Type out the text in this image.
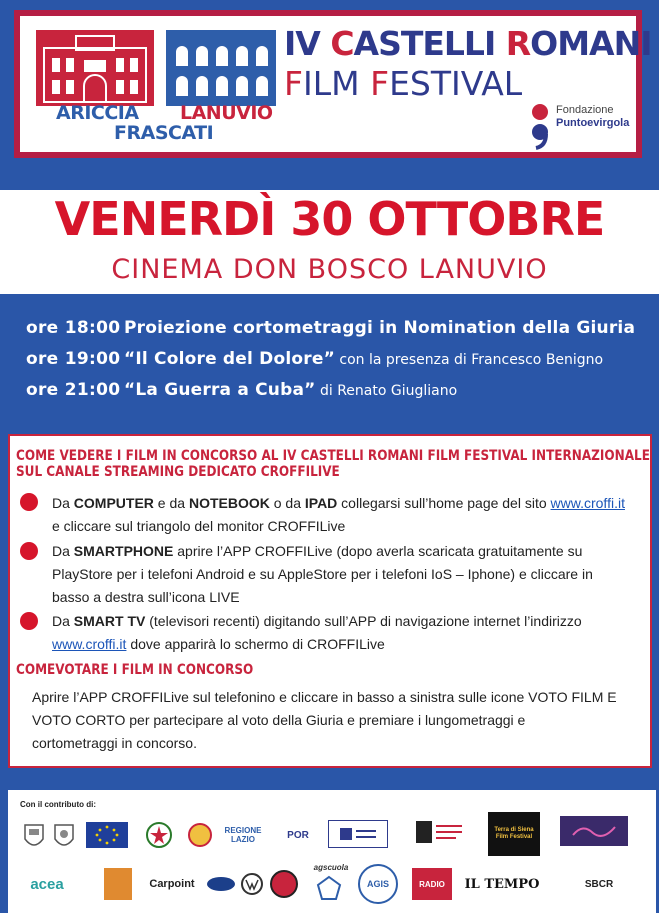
ARICCIA LANUVIO
FRASCATI
IV CASTELLI ROMANI
FILM FESTIVAL
Fondazione
Puntoevirgola
VENERDÌ 30 OTTOBRE
CINEMA DON BOSCO LANUVIO
ore 18:00 Proiezione cortometraggi in Nomination della Giuria
ore 19:00 “Il Colore del Dolore” con la presenza di Francesco Benigno
ore 21:00 “La Guerra a Cuba” di Renato Giugliano
COME VEDERE I FILM IN CONCORSO AL IV CASTELLI ROMANI FILM FESTIVAL INTERNAZIONALE
SUL CANALE STREAMING DEDICATO CROFFILIVE
Da COMPUTER e da NOTEBOOK o da IPAD collegarsi sull’home page del sito www.croffi.it
e cliccare sul triangolo del monitor CROFFILive
Da SMARTPHONE aprire l’APP CROFFILive (dopo averla scaricata gratuitamente su
PlayStore per i telefoni Android e su AppleStore per i telefoni IoS – Iphone) e cliccare in
basso a destra sull’icona LIVE
Da SMART TV (televisori recenti) digitando sull’APP di navigazione internet l’indirizzo
www.croffi.it dove apparirà lo schermo di CROFFILive
COMEVOTARE I FILM IN CONCORSO
Aprire l’APP CROFFILive sul telefonino e cliccare in basso a sinistra sulle icone VOTO FILM E
VOTO CORTO per partecipare al voto della Giuria e premiare i lungometraggi e
cortometraggi in concorso.
Con il contributo di:
REGIONE LAZIO	POR	Terra di Siena Film Festival
acea	Carpoint
agscuola
AGIS	RADIO	IL TEMPO	SBCR
